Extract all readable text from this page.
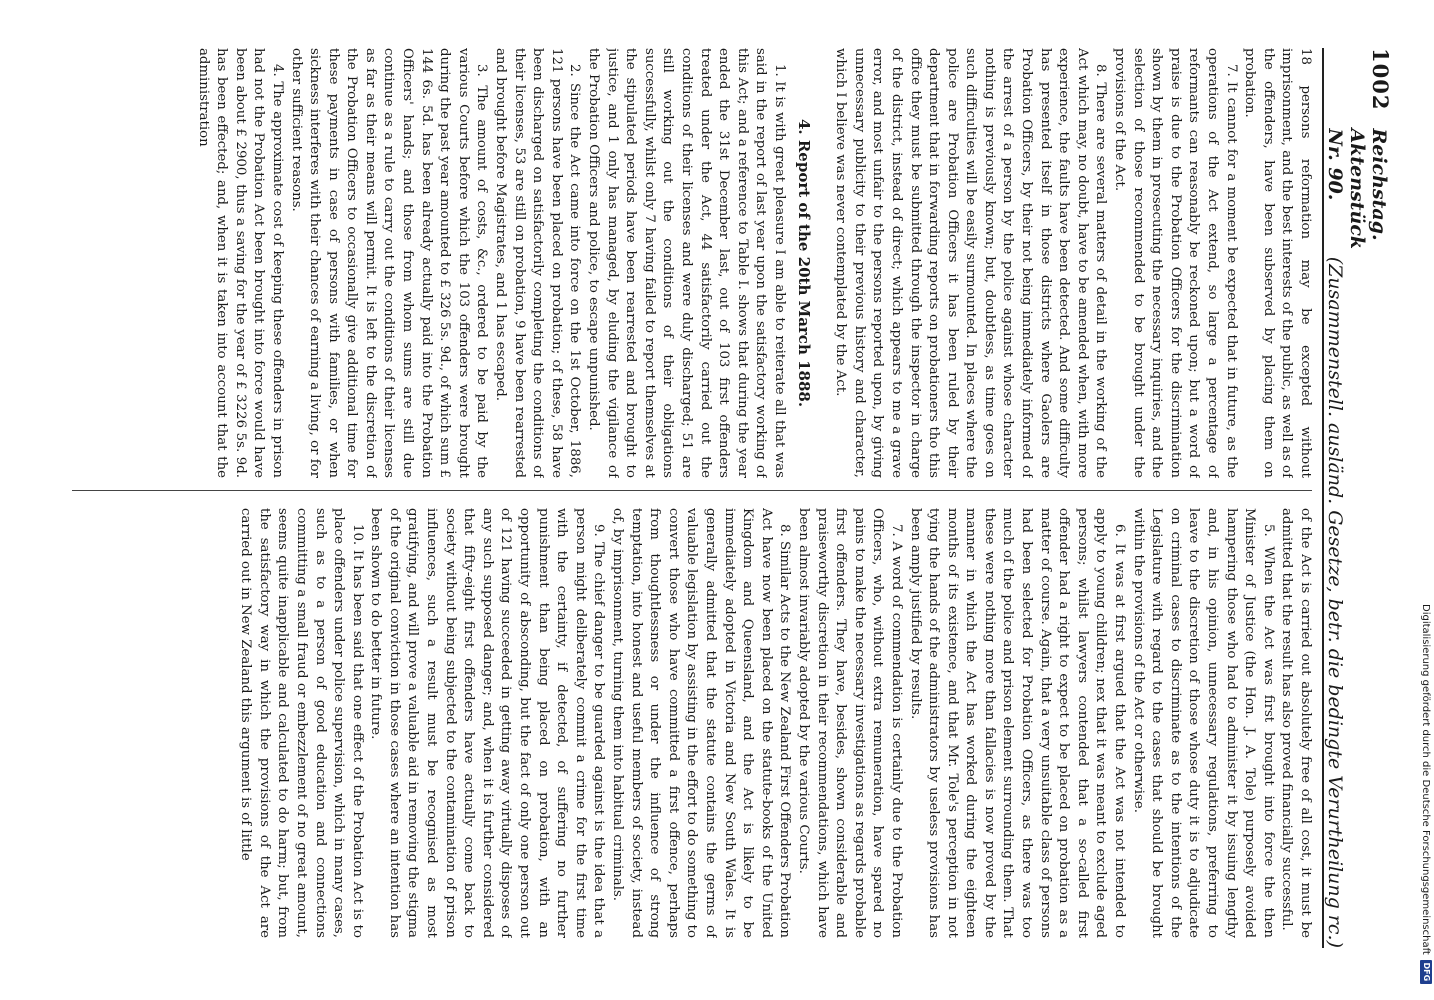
1002
Reichstag. Aktenstück Nr. 90.
(Zusammenstell. ausländ. Gesetze, betr. die bedingte Verurtheilung rc.)

18 persons reformation may be excepted without imprisonment, and the best interests of the public, as well as of the offenders, have been subserved by placing them on probation.

7. It cannot for a moment be expected that in future, as the operations of the Act extend, so large a percentage of reformants can reasonably be reckoned upon; but a word of praise is due to the Probation Officers for the discrimination shown by them in prosecuting the necessary inquiries, and the selection of those recommended to be brought under the provisions of the Act.

8. There are several matters of detail in the working of the Act which may, no doubt, have to be amended when, with more experience, the faults have been detected. And some difficulty has presented itself in those districts where Gaolers are Probation Officers, by their not being immediately informed of the arrest of a person by the police against whose character nothing is previously known; but, doubtless, as time goes on such difficulties will be easily surmounted. In places where the police are Probation Officers it has been ruled by their department that in forwarding reports on probationers tho this office they must be submitted through the inspector in charge of the district, instead of direct; which appears to me a grave error, and most unfair to the persons reported upon, by giving unnecessary publicity to their previous history and character, which I believe was never contemplated by the Act.

4. Report of the 20th March 1888.

1. It is with great pleasure I am able to reiterate all that was said in the report of last year upon the satisfactory working of this Act; and a reference to Table I. shows that during the year ended the 31st December last, out of 103 first offenders treated under the Act, 44 satisfactorily carried out the conditions of their licenses and were duly discharged; 51 are still working out the conditions of their obligations successfully, whilst only 7 having failed to report themselves at the stipulated periods have been rearrested and brought to justice, and 1 only has managed, by eluding the vigilance of the Probation Officers and police, to escape unpunished.

2. Since the Act came into force on the 1st October, 1886, 121 persons have been placed on probation; of these, 58 have been discharged on satisfactorily completing the conditions of their licenses, 53 are still on probation, 9 have been rearrested and brought before Magistrates, and 1 has escaped.

3. The amount of costs, &c., ordered to be paid by the various Courts before which the 103 offenders were brought during the past year amounted to £ 326 5s. 9d., of which sum £ 144 6s. 5d. has been already actually paid into the Probation Officers' hands; and those from whom sums are still due continue as a rule to carry out the conditions of their licenses as far as their means will permit. It is left to the discretion of the Probation Officers to occasionally give additional time for these payments in case of persons with families, or when sickness interferes with their chances of earning a living, or for other sufficient reasons.

4. The approximate cost of keeping these offenders in prison had not the Probation Act been brought into force would have been about £ 2900, thus a saving for the year of £ 3226 5s. 9d. has been effected; and, when it is taken into account that the administration

of the Act is carried out absolutely free of all cost, it must be admitted that the result has also proved financially successful.

5. When the Act was first brought into force the then Minister of Justice (the Hon. J. A. Tole) purposely avoided hampering those who had to administer it by issuing lengthy and, in his opinion, unnecessary regulations, preferring to leave to the discretion of those whose duty it is to adjudicate on criminal cases to discriminate as to the intentions of the Legislature with regard to the cases that should be brought within the provisions of the Act or otherwise.

6. It was at first argued that the Act was not intended to apply to young children; nex that it was meant to exclude aged persons; whilst lawyers contended that a so-called first offender had a right to expect to be placed on probation as a matter of course. Again, that a very unsuitable class of persons had been selected for Probation Officers, as there was too much of the police and prison element surrounding them. That these were nothing more than fallacies is now proved by the manner in which the Act has worked during the eighteen months of its existence, and that Mr. Tole's perception in not tying the hands of the administrators by useless provisions has been amply justified by results.

7. A word of commendation is certainly due to the Probation Officers, who, without extra remuneration, have spared no pains to make the necessary investigations as regards probable first offenders. They have, besides, shown considerable and praiseworthy discretion in their recommendations, which have been almost invariably adopted by the various Courts.

8. Similar Acts to the New Zealand First Offenders Probation Act have now been placed on the statute-books of the United Kingdom and Queensland, and the Act is likely to be immediately adopted in Victoria and New South Wales. It is generally admitted that the statute contains the germs of valuable legislation by assisting in the effort to do something to convert those who have committed a first offence, perhaps from thoughtlessness or under the influence of strong temptation, into honest and useful members of society, instead of, by imprisonment, turning them into habitual criminals.

9. The chief danger to be guarded against is the idea that a person might deliberately commit a crime for the first time with the certainty, if detected, of suffering no further punishment than being placed on probation, with an opportunity of absconding, but the fact of only one person out of 121 having succeeded in getting away virtually disposes of any such supposed danger; and, when it is further considered that fifty-eight first offenders have actually come back to society without being subjected to the contamination of prison influences, such a result must be recognised as most gratifying, and will prove a valuable aid in removing the stigma of the original conviction in those cases where an intention has been shown to do better in future.

10. It has been said that one effect of the Probation Act is to place offenders under police supervision, which in many cases, such as to a person of good education and connections committing a small fraud or embezzlement of no great amount, seems quite inapplicable and calculated to do harm; but, from the satisfactory way in which the provisions of the Act are carried out in New Zealand this argument is of little	Digitalisierung gefördert durch die Deutsche Forschungsgemeinschaft
DFG
